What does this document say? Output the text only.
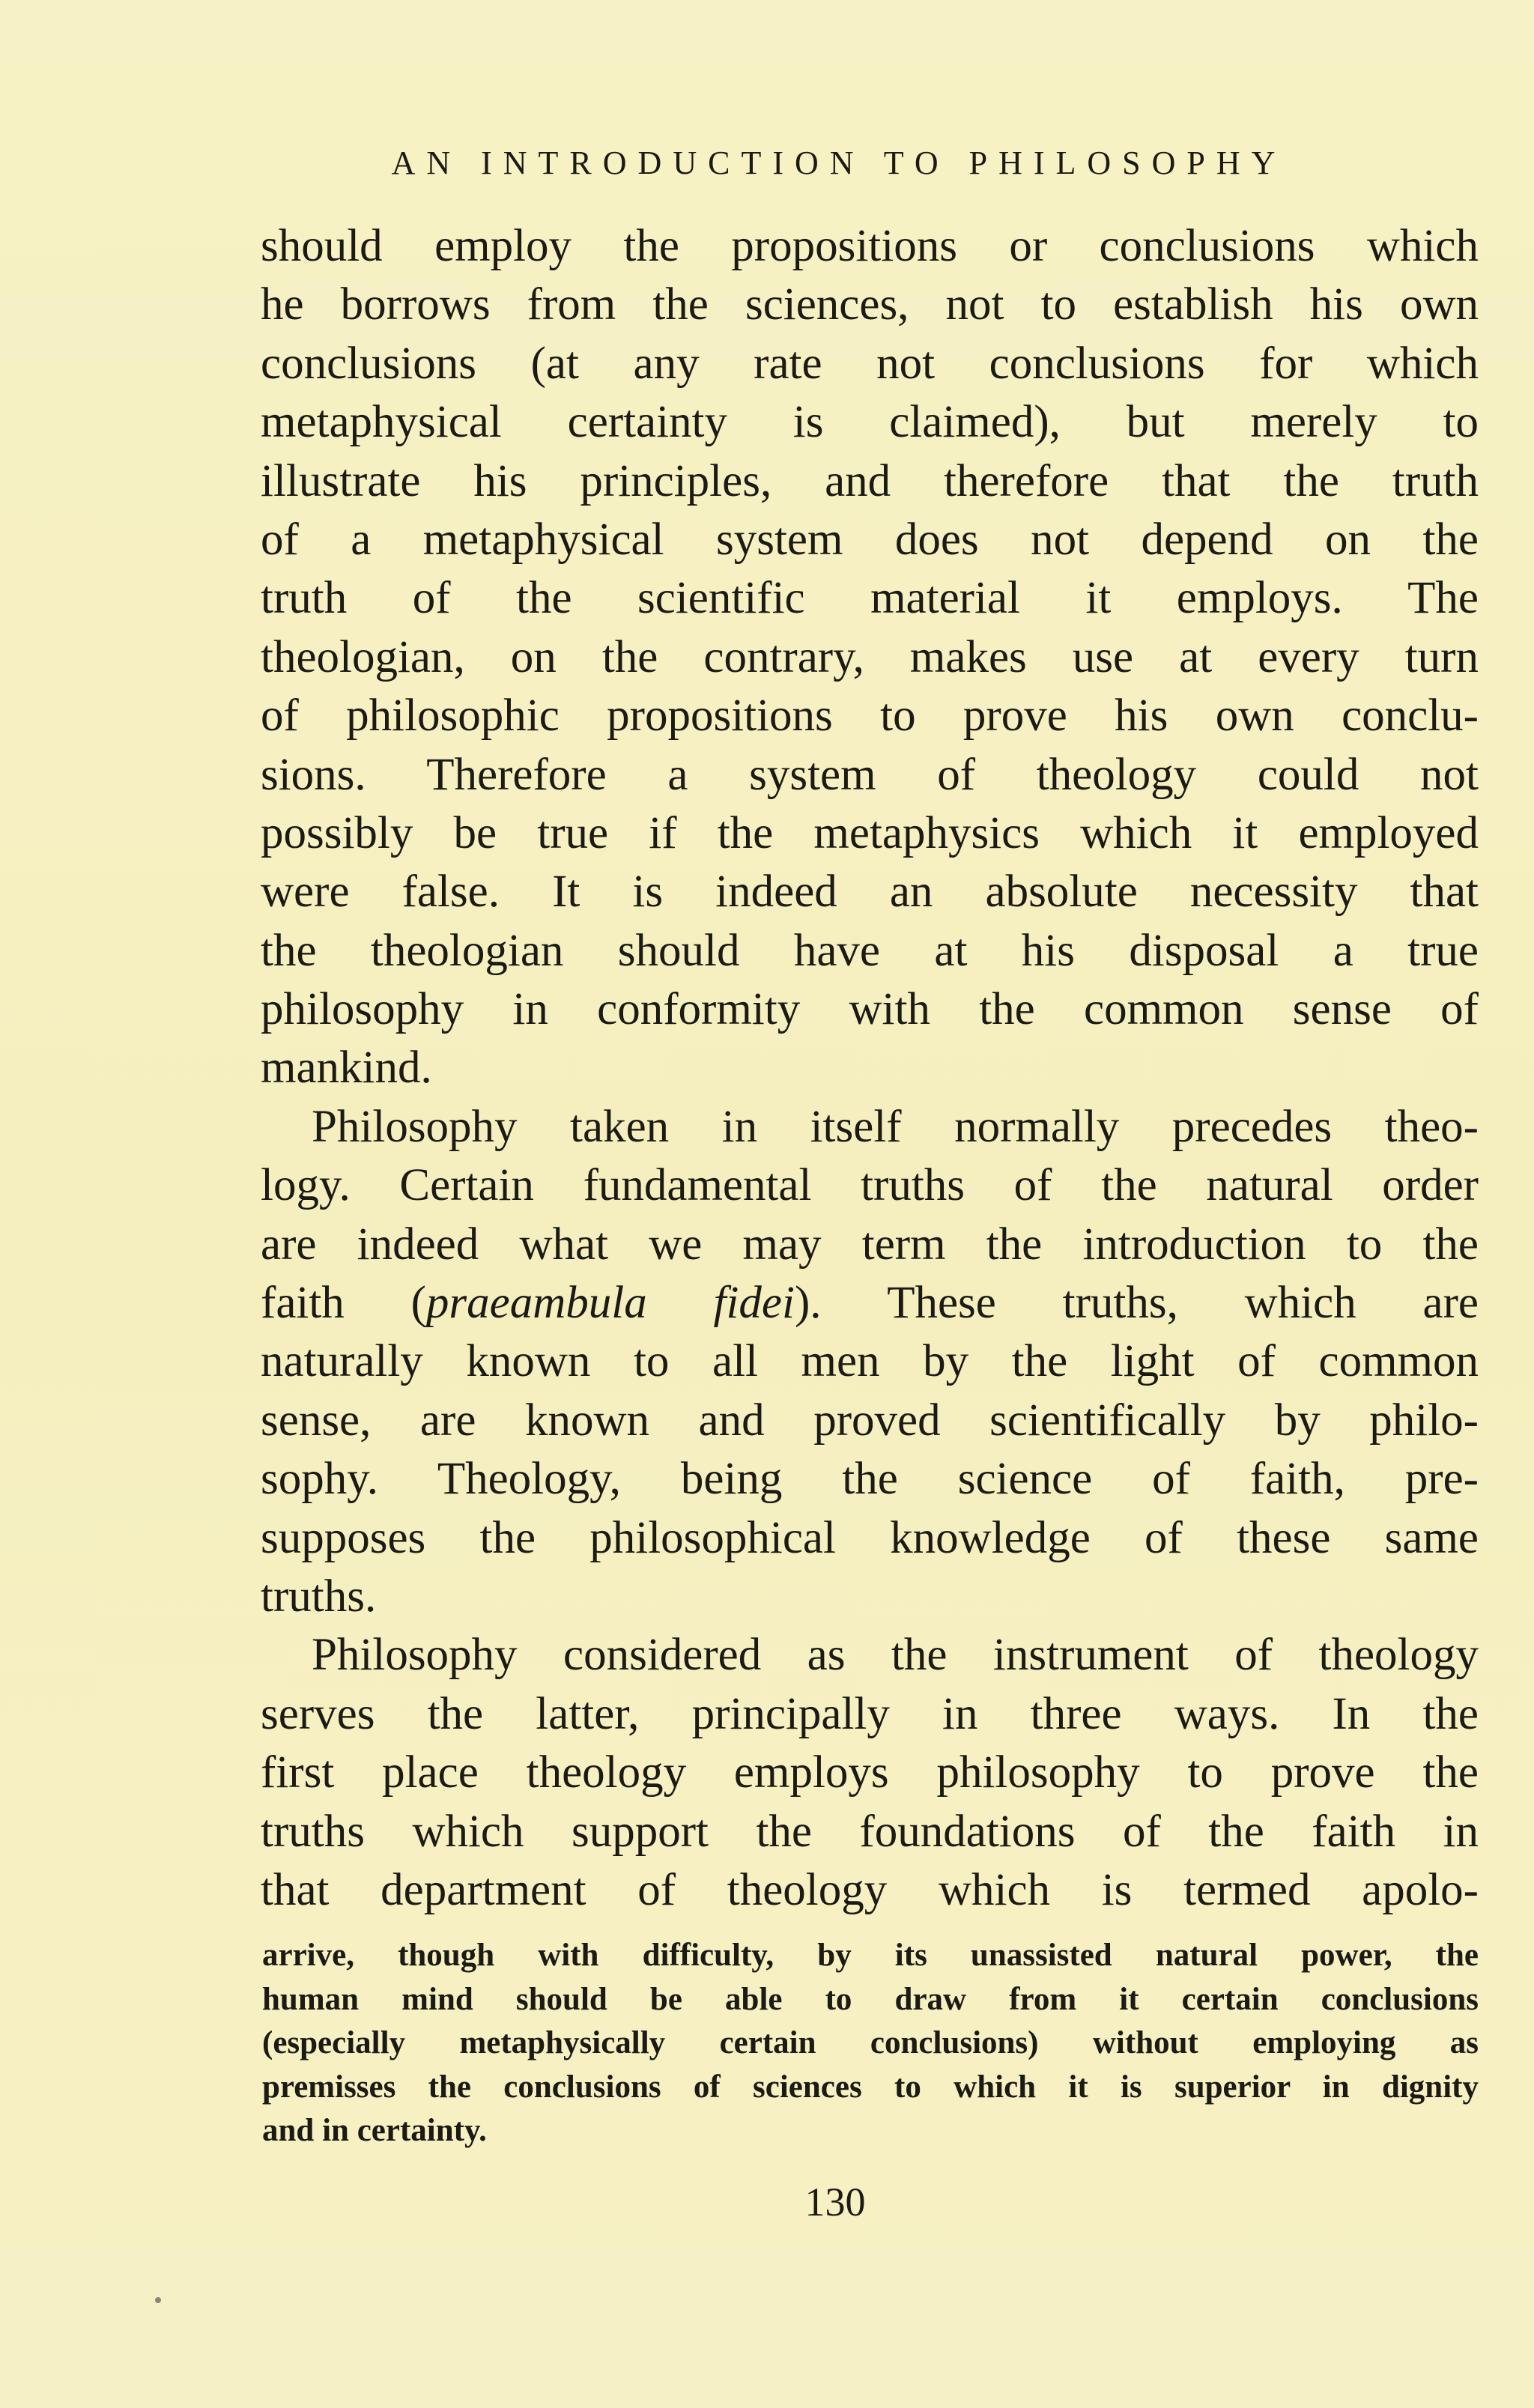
AN INTRODUCTION TO PHILOSOPHY
should employ the propositions or conclusions which
he borrows from the sciences, not to establish his own
conclusions (at any rate not conclusions for which
metaphysical certainty is claimed), but merely to
illustrate his principles, and therefore that the truth
of a metaphysical system does not depend on the
truth of the scientific material it employs. The
theologian, on the contrary, makes use at every turn
of philosophic propositions to prove his own conclu-
sions. Therefore a system of theology could not
possibly be true if the metaphysics which it employed
were false. It is indeed an absolute necessity that
the theologian should have at his disposal a true
philosophy in conformity with the common sense of
mankind.
Philosophy taken in itself normally precedes theo-
logy. Certain fundamental truths of the natural order
are indeed what we may term the introduction to the
faith (praeambula fidei). These truths, which are
naturally known to all men by the light of common
sense, are known and proved scientifically by philo-
sophy. Theology, being the science of faith, pre-
supposes the philosophical knowledge of these same
truths.
Philosophy considered as the instrument of theology
serves the latter, principally in three ways. In the
first place theology employs philosophy to prove the
truths which support the foundations of the faith in
that department of theology which is termed apolo-
arrive, though with difficulty, by its unassisted natural power, the
human mind should be able to draw from it certain conclusions
(especially metaphysically certain conclusions) without employing as
premisses the conclusions of sciences to which it is superior in dignity
and in certainty.
130
